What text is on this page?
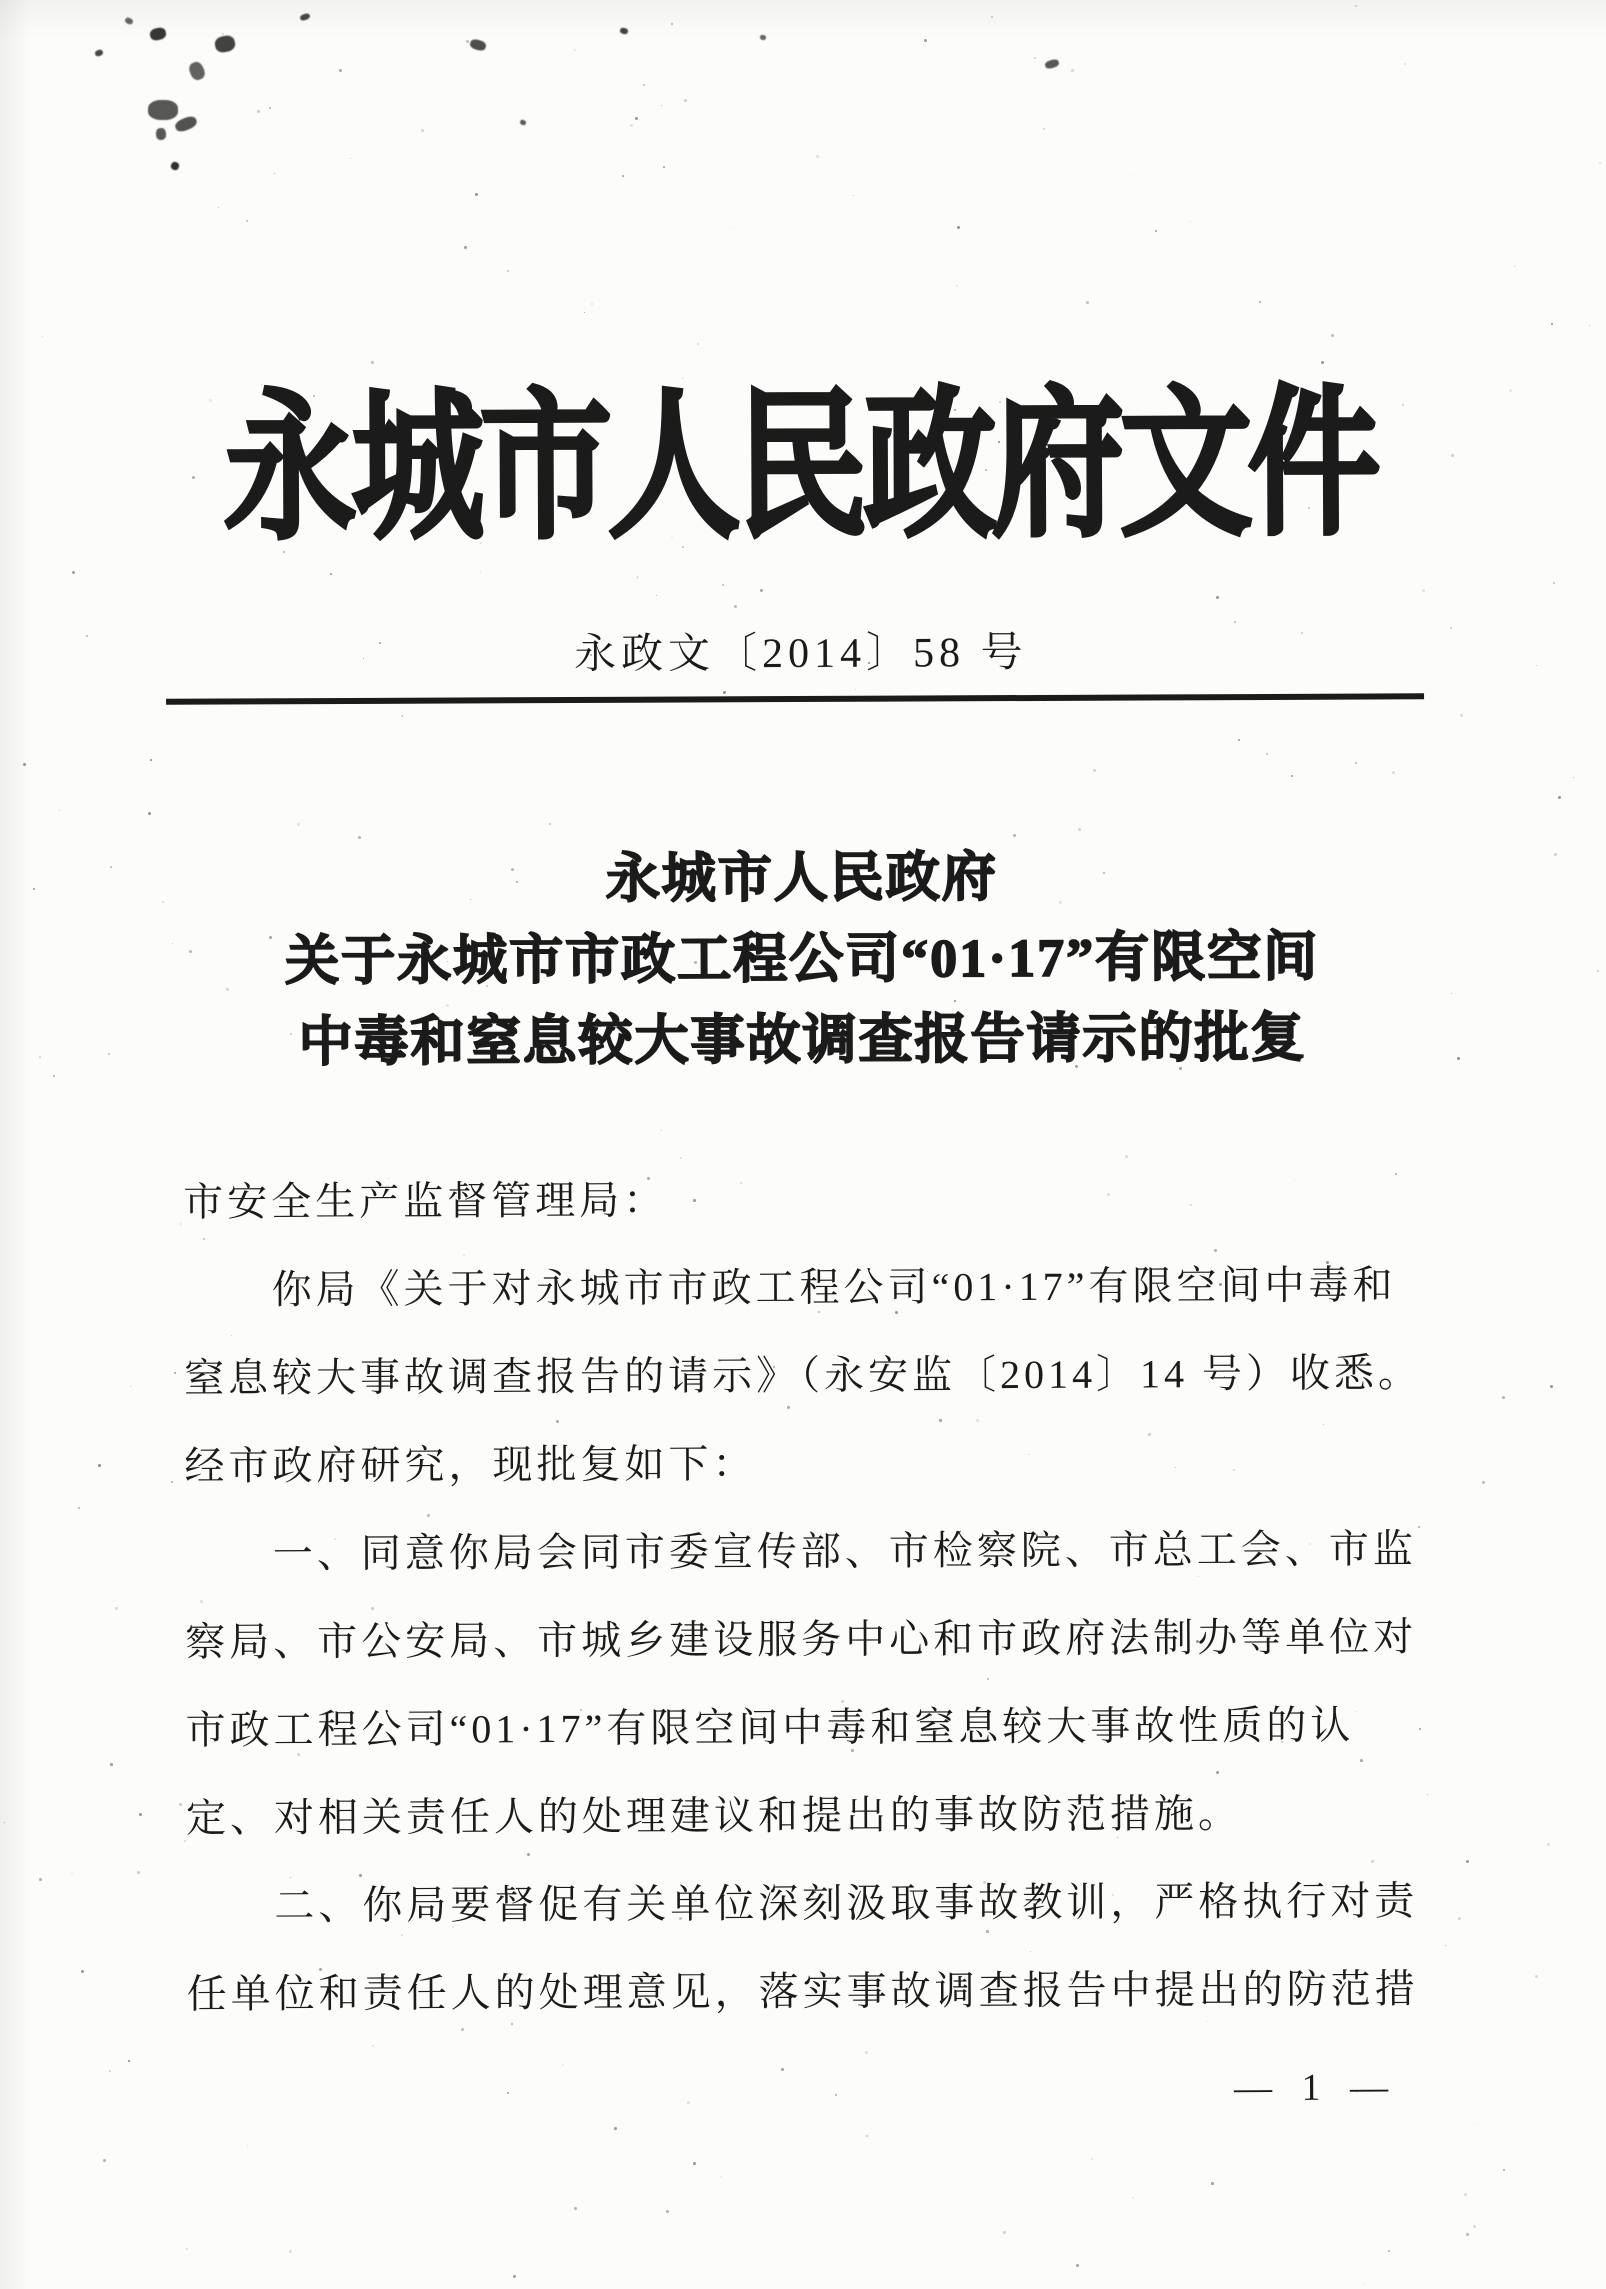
永城市人民政府文件
永政文〔2014〕58 号
永城市人民政府
关于永城市市政工程公司“01·17”有限空间
中毒和窒息较大事故调查报告请示的批复
市安全生产监督管理局：
你局《关于对永城市市政工程公司“01·17”有限空间中毒和
窒息较大事故调查报告的请示》（永安监〔2014〕14 号）收悉。
经市政府研究，现批复如下：
一、同意你局会同市委宣传部、市检察院、市总工会、市监
察局、市公安局、市城乡建设服务中心和市政府法制办等单位对
市政工程公司“01·17”有限空间中毒和窒息较大事故性质的认
定、对相关责任人的处理建议和提出的事故防范措施。
二、你局要督促有关单位深刻汲取事故教训，严格执行对责
任单位和责任人的处理意见，落实事故调查报告中提出的防范措
— 1 —
